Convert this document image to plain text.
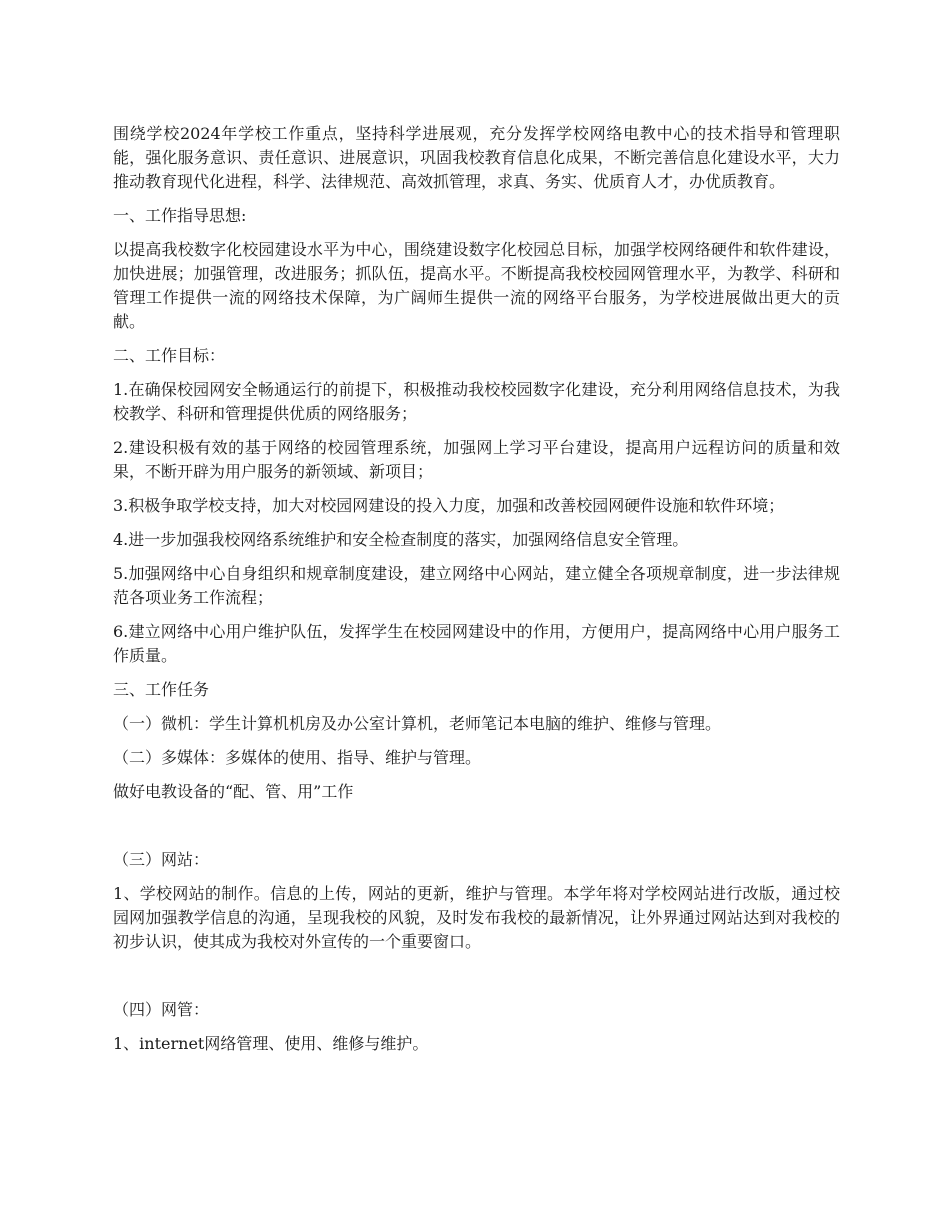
围绕学校2024年学校工作重点，坚持科学进展观，充分发挥学校网络电教中心的技术指导和管理职能，强化服务意识、责任意识、进展意识，巩固我校教育信息化成果，不断完善信息化建设水平，大力推动教育现代化进程，科学、法律规范、高效抓管理，求真、务实、优质育人才，办优质教育。

一、工作指导思想:

以提高我校数字化校园建设水平为中心，围绕建设数字化校园总目标，加强学校网络硬件和软件建设，加快进展；加强管理，改进服务；抓队伍，提高水平。不断提高我校校园网管理水平，为教学、科研和管理工作提供一流的网络技术保障，为广阔师生提供一流的网络平台服务，为学校进展做出更大的贡献。

二、工作目标：

1.在确保校园网安全畅通运行的前提下，积极推动我校校园数字化建设，充分利用网络信息技术，为我校教学、科研和管理提供优质的网络服务；

2.建设积极有效的基于网络的校园管理系统，加强网上学习平台建设，提高用户远程访问的质量和效果，不断开辟为用户服务的新领域、新项目；

3.积极争取学校支持，加大对校园网建设的投入力度，加强和改善校园网硬件设施和软件环境；

4.进一步加强我校网络系统维护和安全检查制度的落实，加强网络信息安全管理。

5.加强网络中心自身组织和规章制度建设，建立网络中心网站，建立健全各项规章制度，进一步法律规范各项业务工作流程；

6.建立网络中心用户维护队伍，发挥学生在校园网建设中的作用，方便用户，提高网络中心用户服务工作质量。

三、工作任务

（一）微机：学生计算机机房及办公室计算机，老师笔记本电脑的维护、维修与管理。

（二）多媒体：多媒体的使用、指导、维护与管理。

做好电教设备的“配、管、用”工作

（三）网站：

1、学校网站的制作。信息的上传，网站的更新，维护与管理。本学年将对学校网站进行改版，通过校园网加强教学信息的沟通，呈现我校的风貌，及时发布我校的最新情况，让外界通过网站达到对我校的初步认识，使其成为我校对外宣传的一个重要窗口。

（四）网管：

1、internet网络管理、使用、维修与维护。
